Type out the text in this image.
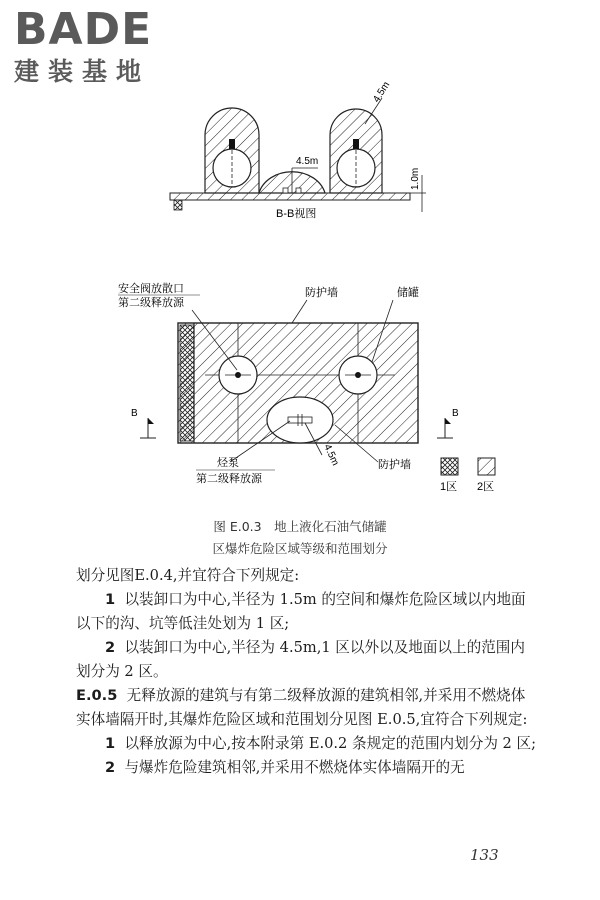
BADE
建装基地
4.5m
4.5m
1.0m
B-B视图
4.5m
安全阀放散口
第二级释放源
防护墙	储罐
烃泵
第二级释放源
防护墙
B	B
1区 2区
图 E.0.3　地上液化石油气储罐
区爆炸危险区域等级和范围划分

划分见图E.0.4,并宜符合下列规定:

1 以装卸口为中心,半径为 1.5m 的空间和爆炸危险区域以内地面以下的沟、坑等低洼处划为 1 区;

2 以装卸口为中心,半径为 4.5m,1 区以外以及地面以上的范围内划分为 2 区。

E.0.5 无释放源的建筑与有第二级释放源的建筑相邻,并采用不燃烧体实体墙隔开时,其爆炸危险区域和范围划分见图 E.0.5,宜符合下列规定:

1 以释放源为中心,按本附录第 E.0.2 条规定的范围内划分为 2 区;

2 与爆炸危险建筑相邻,并采用不燃烧体实体墙隔开的无

133
